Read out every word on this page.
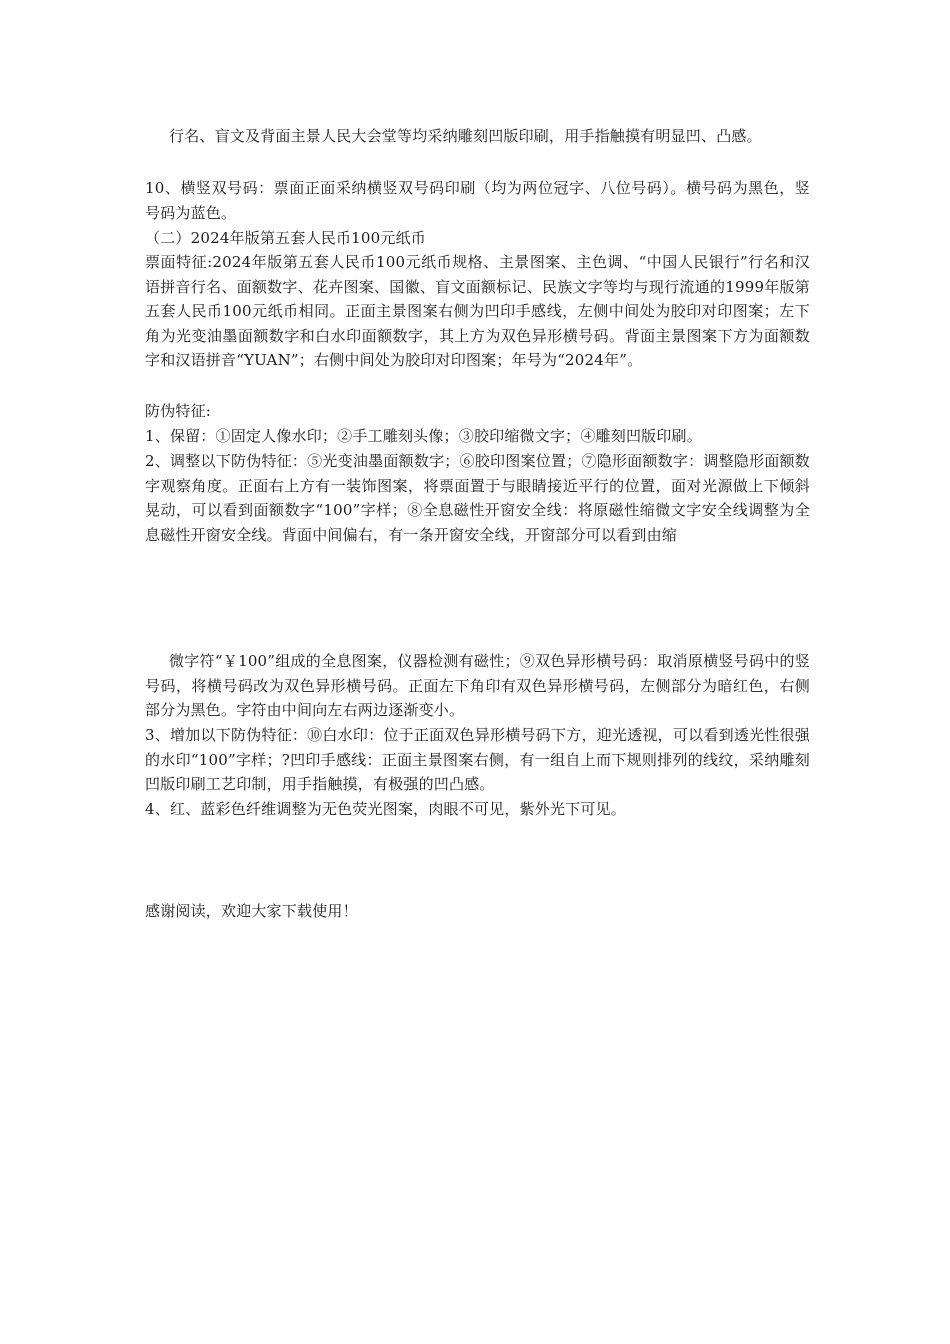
行名、盲文及背面主景人民大会堂等均采纳雕刻凹版印刷，用手指触摸有明显凹、凸感。

10、横竖双号码：票面正面采纳横竖双号码印刷（均为两位冠字、八位号码）。横号码为黑色，竖号码为蓝色。

（二）2024年版第五套人民币100元纸币

票面特征:2024年版第五套人民币100元纸币规格、主景图案、主色调、“中国人民银行”行名和汉语拼音行名、面额数字、花卉图案、国徽、盲文面额标记、民族文字等均与现行流通的1999年版第五套人民币100元纸币相同。正面主景图案右侧为凹印手感线，左侧中间处为胶印对印图案；左下角为光变油墨面额数字和白水印面额数字，其上方为双色异形横号码。背面主景图案下方为面额数字和汉语拼音“YUAN”；右侧中间处为胶印对印图案；年号为“2024年”。

防伪特征:

1、保留：①固定人像水印；②手工雕刻头像；③胶印缩微文字；④雕刻凹版印刷。

2、调整以下防伪特征：⑤光变油墨面额数字；⑥胶印图案位置；⑦隐形面额数字：调整隐形面额数字观察角度。正面右上方有一装饰图案，将票面置于与眼睛接近平行的位置，面对光源做上下倾斜晃动，可以看到面额数字“100”字样；⑧全息磁性开窗安全线：将原磁性缩微文字安全线调整为全息磁性开窗安全线。背面中间偏右，有一条开窗安全线，开窗部分可以看到由缩

微字符“￥100”组成的全息图案，仪器检测有磁性；⑨双色异形横号码：取消原横竖号码中的竖号码，将横号码改为双色异形横号码。正面左下角印有双色异形横号码，左侧部分为暗红色，右侧部分为黑色。字符由中间向左右两边逐渐变小。

3、增加以下防伪特征：⑩白水印：位于正面双色异形横号码下方，迎光透视，可以看到透光性很强的水印“100”字样；?凹印手感线：正面主景图案右侧，有一组自上而下规则排列的线纹，采纳雕刻凹版印刷工艺印制，用手指触摸，有极强的凹凸感。

4、红、蓝彩色纤维调整为无色荧光图案，肉眼不可见，紫外光下可见。

感谢阅读，欢迎大家下载使用！
